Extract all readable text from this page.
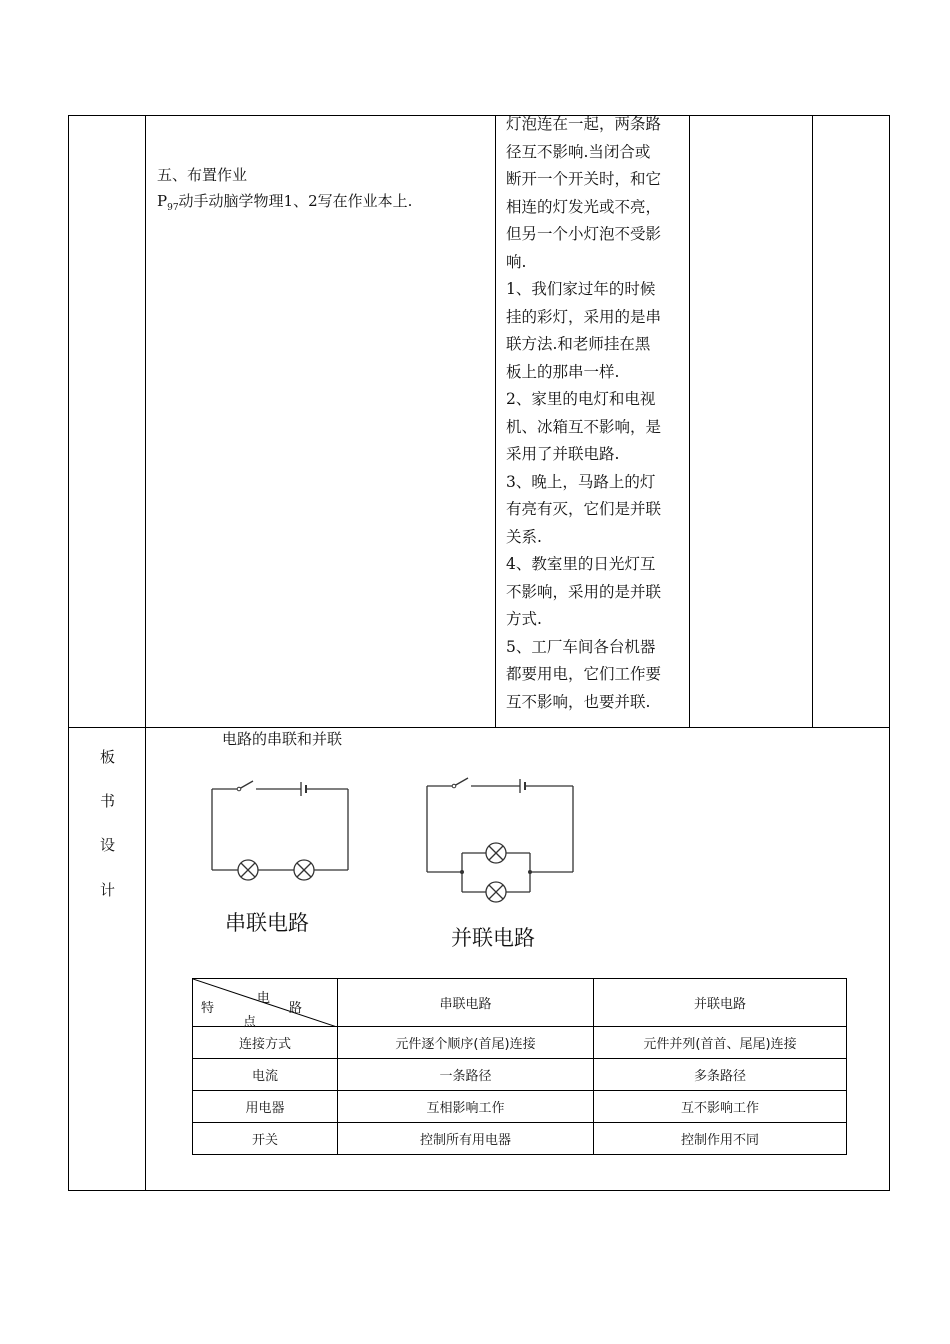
五、布置作业
$P_{97}$动手动脑学物理1、2写在作业本上.
灯泡连在一起，两条路
径互不影响.当闭合或
断开一个开关时，和它
相连的灯发光或不亮，
但另一个小灯泡不受影
响.
1、我们家过年的时候
挂的彩灯，采用的是串
联方法.和老师挂在黑
板上的那串一样.
2、家里的电灯和电视
机、冰箱互不影响，是
采用了并联电路.
3、晚上，马路上的灯
有亮有灭，它们是并联
关系.
4、教室里的日光灯互
不影响，采用的是并联
方式.
5、工厂车间各台机器
都要用电，它们工作要
互不影响，也要并联.
板
书
设
计
电路的串联和并联
串联电路
并联电路
电
路
特
点	串联电路	并联电路
连接方式	元件逐个顺序(首尾)连接	元件并列(首首、尾尾)连接
电流	一条路径	多条路径
用电器	互相影响工作	互不影响工作
开关	控制所有用电器	控制作用不同
